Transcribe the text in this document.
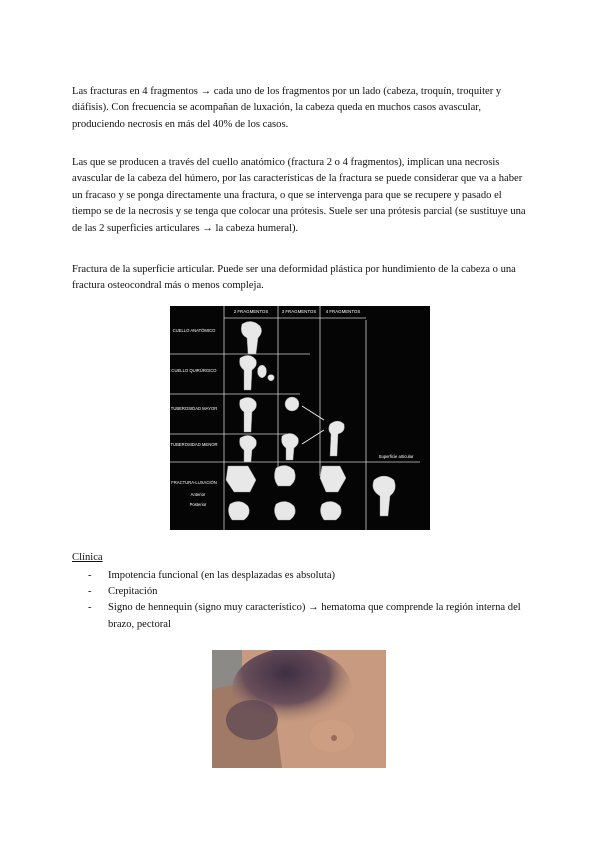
Las fracturas en 4 fragmentos → cada uno de los fragmentos por un lado (cabeza, troquín, troquiter y diáfisis). Con frecuencia se acompañan de luxación, la cabeza queda en muchos casos avascular, produciendo necrosis en más del 40% de los casos.

Las que se producen a través del cuello anatómico (fractura 2 o 4 fragmentos), implican una necrosis avascular de la cabeza del húmero, por las características de la fractura se puede considerar que va a haber un fracaso y se ponga directamente una fractura, o que se intervenga para que se recupere y pasado el tiempo se de la necrosis y se tenga que colocar una prótesis. Suele ser una prótesis parcial (se sustituye una de las 2 superficies articulares → la cabeza humeral).

Fractura de la superficie articular. Puede ser una deformidad plástica por hundimiento de la cabeza o una fractura osteocondral más o menos compleja.

2 FRAGMENTOS	3 FRAGMENTOS 4 FRAGMENTOS
CUELLO ANATÓMICO
CUELLO QUIRÚRGICO
TUBEROSIDAD MAYOR
TUBEROSIDAD MENOR
FRACTURA-LUXACIÓN
Anterior
Posterior
Superficie articular

Clínica

- Impotencia funcional (en las desplazadas es absoluta)
- Crepitación
- Signo de hennequin (signo muy característico) → hematoma que comprende la región interna del brazo, pectoral
